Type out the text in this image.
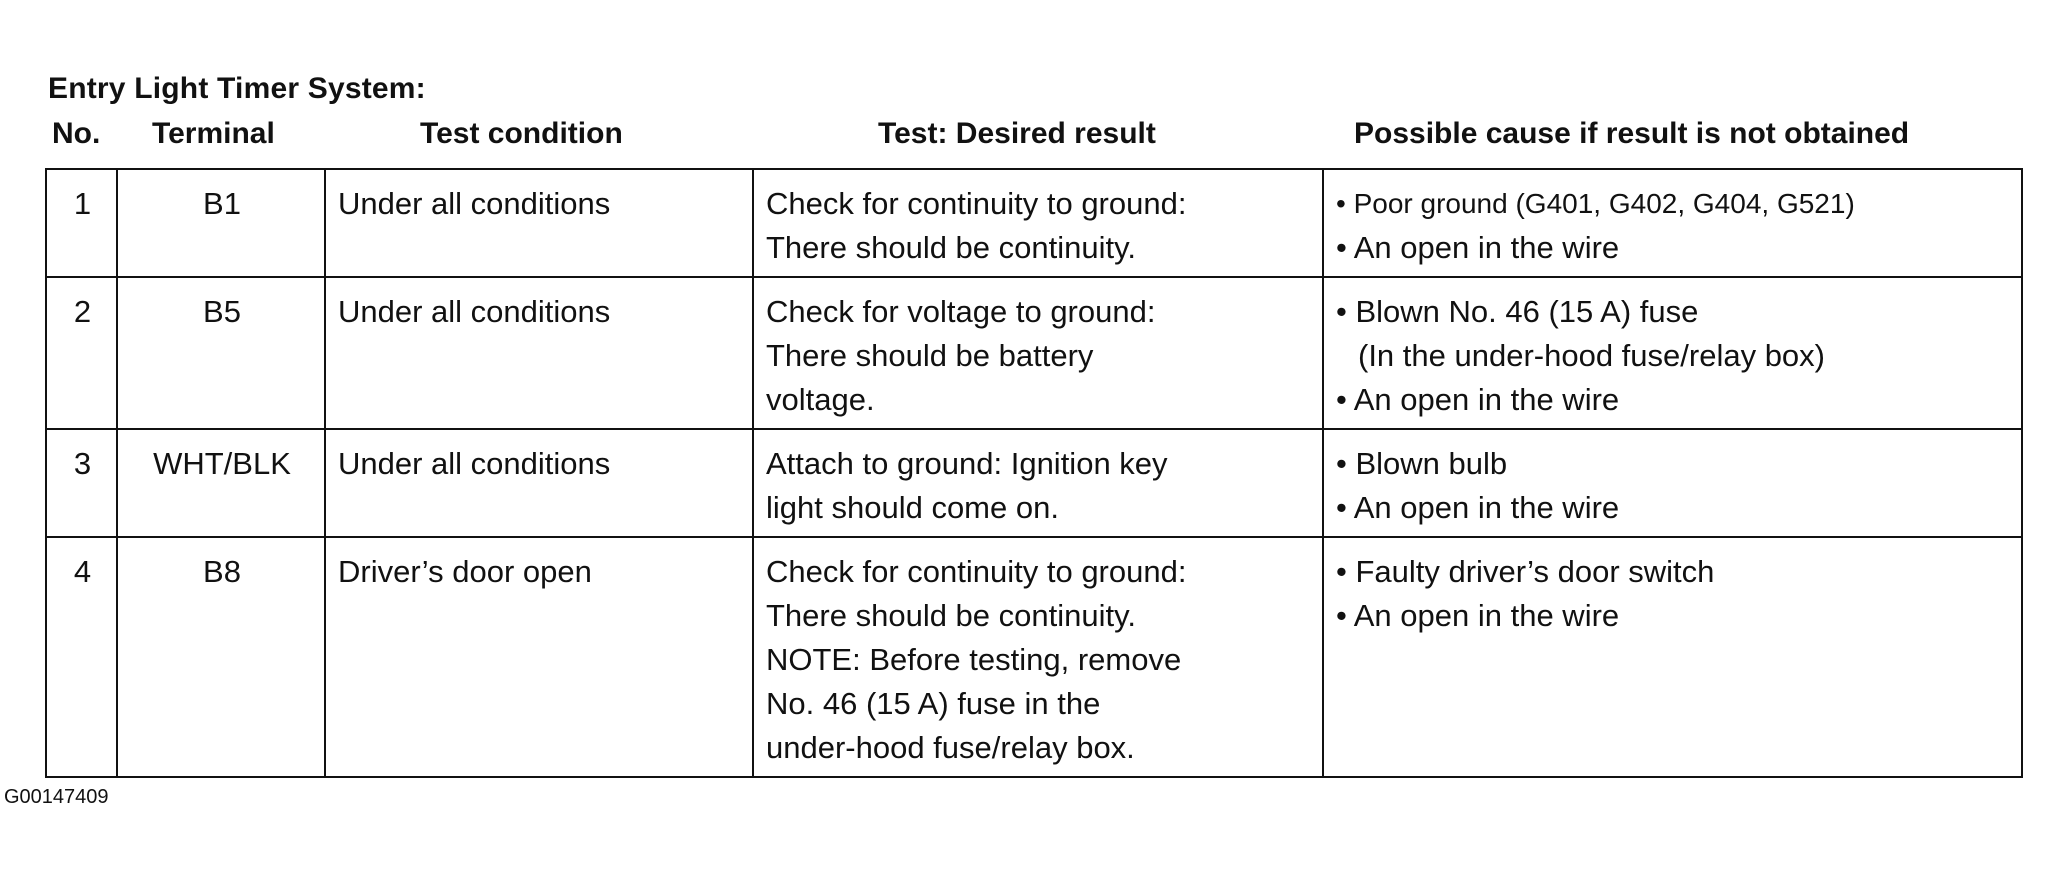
Entry Light Timer System:
No. Terminal	Test condition	Test: Desired result	Possible cause if result is not obtained
1	B1	Under all conditions	Check for continuity to ground:
There should be continuity.	• Poor ground (G401, G402, G404, G521)
• An open in the wire

2	B5	Under all conditions	Check for voltage to ground:
There should be battery
voltage.	• Blown No. 46 (15 A) fuse
(In the under-hood fuse/relay box)
• An open in the wire

3	WHT/BLK	Under all conditions	Attach to ground: Ignition key
light should come on.	• Blown bulb
• An open in the wire

4	B8	Driver’s door open	Check for continuity to ground:
There should be continuity.
NOTE: Before testing, remove
No. 46 (15 A) fuse in the
under-hood fuse/relay box.	• Faulty driver’s door switch
• An open in the wire
G00147409
